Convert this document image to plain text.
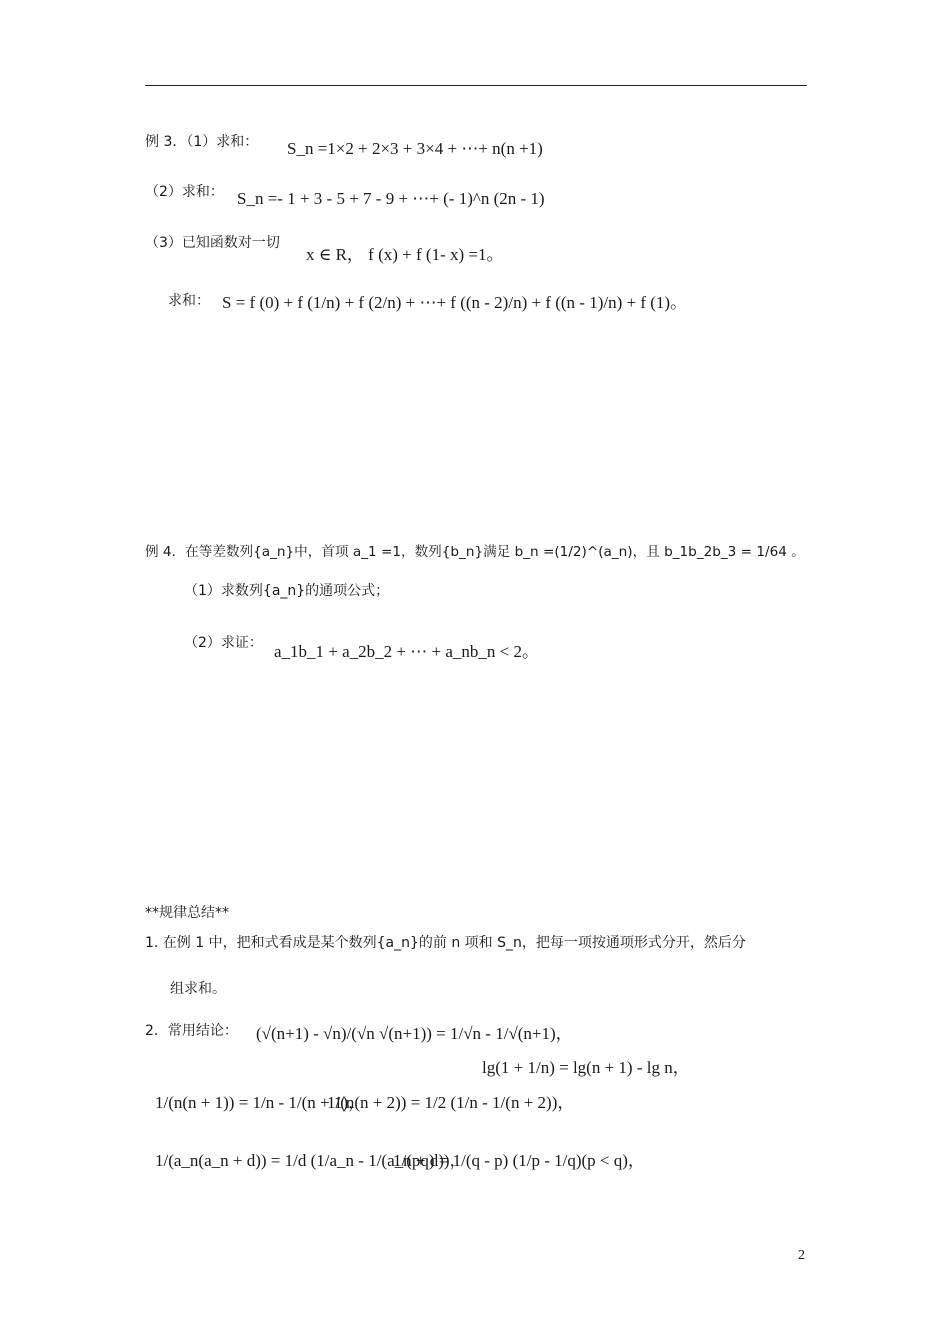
例 3．（1）求和： S_n =1×2 + 2×3 + 3×4 + ⋯+ n(n +1)
（2）求和： S_n =- 1 + 3 - 5 + 7 - 9 + ⋯+ (- 1)^n (2n - 1)
（3）已知函数对一切
x ∈ R， f (x) + f (1- x) =1。
求和： S = f (0) + f (1/n) + f (2/n) + ⋯+ f ((n - 2)/n) + f ((n - 1)/n) + f (1)。
例 4．在等差数列{a_n}中，首项 a_1 =1，数列{b_n}满足 b_n =(1/2)^(a_n)，且 b_1b_2b_3 = 1/64 。
（1）求数列{a_n}的通项公式；
（2）求证： a_1b_1 + a_2b_2 + ⋯ + a_nb_n < 2。
**规律总结**
1. 在例 1 中，把和式看成是某个数列{a_n}的前 n 项和 S_n，把每一项按通项形式分开，然后分
组求和。
2．常用结论： (√(n+1) - √n)/(√n √(n+1)) = 1/√n - 1/√(n+1)，
lg(1 + 1/n) = lg(n + 1) - lg n，
1/(n(n + 1)) = 1/n - 1/(n + 1)，
1/(n(n + 2)) = 1/2 (1/n - 1/(n + 2))，
1/(a_n(a_n + d)) = 1/d (1/a_n - 1/(a_n + d))，
1/(pq) = 1/(q - p) (1/p - 1/q)(p < q)，
2
